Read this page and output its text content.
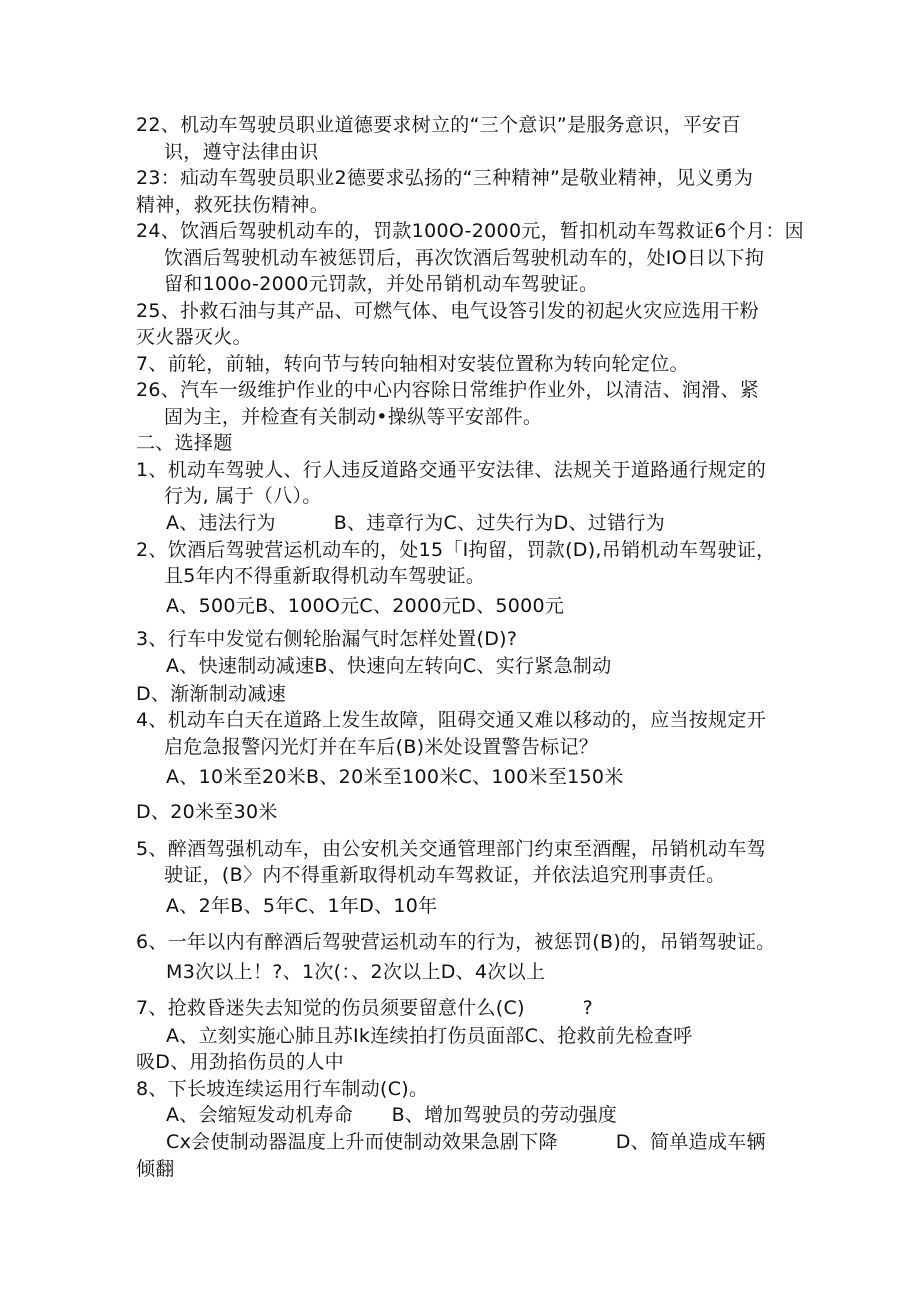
22、机动车驾驶员职业道德要求树立的“三个意识”是服务意识，平安百
识，遵守法律由识
23：疝动车驾驶员职业2德要求弘扬的“三种精神”是敬业精神，见义勇为
精神，救死扶伤精神。
24、饮酒后驾驶机动车的，罚款100O-2000元，暂扣机动车驾救证6个月：因
饮酒后驾驶机动车被惩罚后，再次饮酒后驾驶机动车的，处IO日以下拘
留和100o-2000元罚款，并处吊销机动车驾驶证。
25、扑救石油与其产品、可燃气体、电气设答引发的初起火灾应选用干粉
灭火器灭火。
7、前轮，前轴，转向节与转向轴相对安装位置称为转向轮定位。
26、汽车一级维护作业的中心内容除日常维护作业外，以清洁、润滑、紧
固为主，并检查有关制动•操纵等平安部件。
二、选择题
1、机动车驾驶人、行人违反道路交通平安法律、法规关于道路通行规定的
行为, 属于（八）。
A、违法行为　　　B、违章行为C、过失行为D、过错行为
2、饮酒后驾驶营运机动车的，处15「I拘留，罚款(D),吊销机动车驾驶证，
且5年内不得重新取得机动车驾驶证。
A、500元B、100O元C、2000元D、5000元
3、行车中发觉右侧轮胎漏气时怎样处置(D)?
A、快速制动减速B、快速向左转向C、实行紧急制动
D、渐渐制动减速
4、机动车白天在道路上发生故障，阻碍交通又难以移动的，应当按规定开
启危急报警闪光灯并在车后(B)米处设置警告标记？
A、10米至20米B、20米至100米C、100米至150米
D、20米至30米
5、醉酒驾强机动车，由公安机关交通管理部门约束至酒醒，吊销机动车驾
驶证，(B〉内不得重新取得机动车驾救证，并依法追究刑事责任。
A、2年B、5年C、1年D、10年
6、一年以内有醉酒后驾驶营运机动车的行为，被惩罚(B)的，吊销驾驶证。
M3次以上！?、1次(：、2次以上D、4次以上
7、抢救昏迷失去知觉的伤员须要留意什么(C)　　　?
A、立刻实施心肺且苏Ik连续拍打伤员面部C、抢救前先检查呼
吸D、用劲掐伤员的人中
8、下长坡连续运用行车制动(C)。
A、会缩短发动机寿命　　B、增加驾驶员的劳动强度
Cx会使制动器温度上升而使制动效果急剧下降　　　D、简单造成车辆
倾翻
